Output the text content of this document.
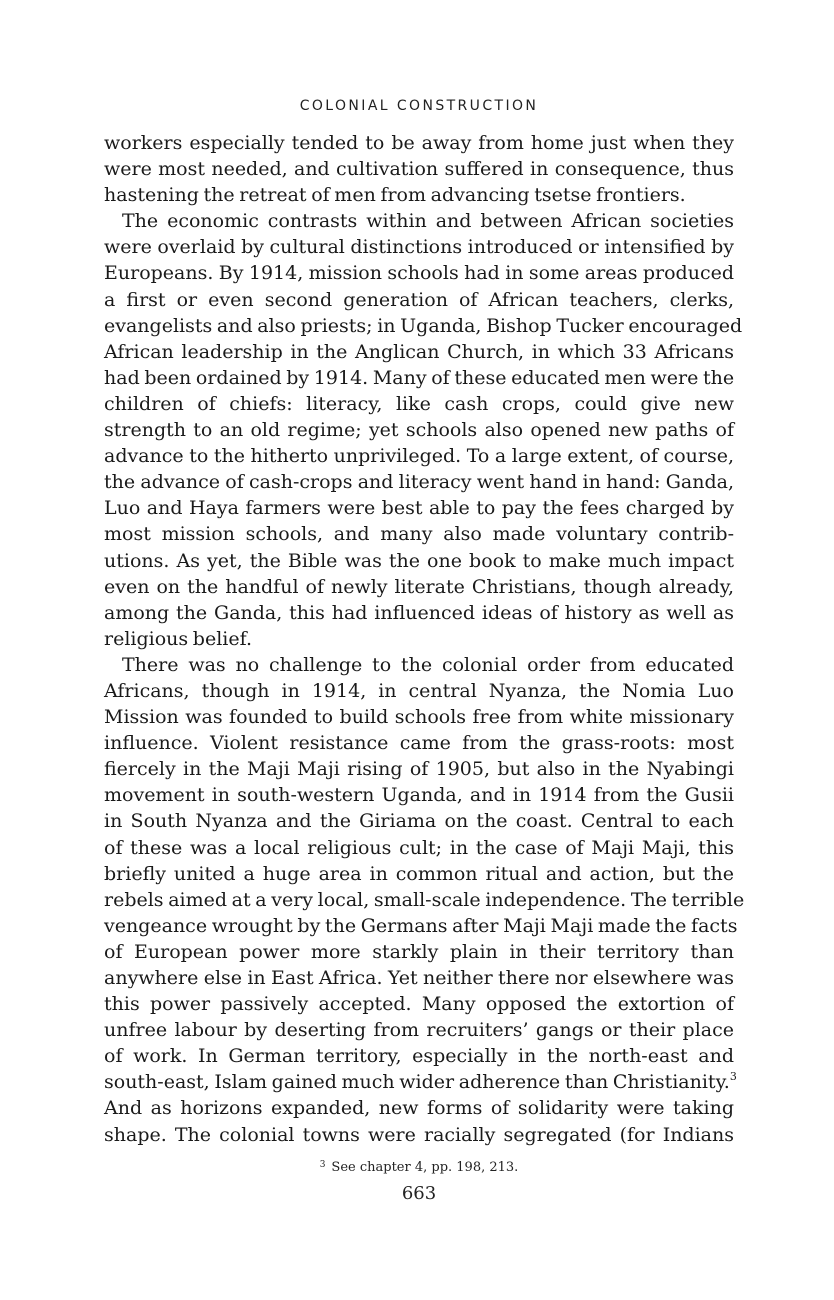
COLONIAL CONSTRUCTION
workers especially tended to be away from home just when they
were most needed, and cultivation suffered in consequence, thus
hastening the retreat of men from advancing tsetse frontiers.
The economic contrasts within and between African societies
were overlaid by cultural distinctions introduced or intensified by
Europeans. By 1914, mission schools had in some areas produced
a first or even second generation of African teachers, clerks,
evangelists and also priests; in Uganda, Bishop Tucker encouraged
African leadership in the Anglican Church, in which 33 Africans
had been ordained by 1914. Many of these educated men were the
children of chiefs: literacy, like cash crops, could give new
strength to an old regime; yet schools also opened new paths of
advance to the hitherto unprivileged. To a large extent, of course,
the advance of cash-crops and literacy went hand in hand: Ganda,
Luo and Haya farmers were best able to pay the fees charged by
most mission schools, and many also made voluntary contrib-
utions. As yet, the Bible was the one book to make much impact
even on the handful of newly literate Christians, though already,
among the Ganda, this had influenced ideas of history as well as
religious belief.
There was no challenge to the colonial order from educated
Africans, though in 1914, in central Nyanza, the Nomia Luo
Mission was founded to build schools free from white missionary
influence. Violent resistance came from the grass-roots: most
fiercely in the Maji Maji rising of 1905, but also in the Nyabingi
movement in south-western Uganda, and in 1914 from the Gusii
in South Nyanza and the Giriama on the coast. Central to each
of these was a local religious cult; in the case of Maji Maji, this
briefly united a huge area in common ritual and action, but the
rebels aimed at a very local, small-scale independence. The terrible
vengeance wrought by the Germans after Maji Maji made the facts
of European power more starkly plain in their territory than
anywhere else in East Africa. Yet neither there nor elsewhere was
this power passively accepted. Many opposed the extortion of
unfree labour by deserting from recruiters’ gangs or their place
of work. In German territory, especially in the north-east and
south-east, Islam gained much wider adherence than Christianity.$^3$
And as horizons expanded, new forms of solidarity were taking
shape. The colonial towns were racially segregated (for Indians
$^3$ See chapter 4, pp. 198, 213.
663
